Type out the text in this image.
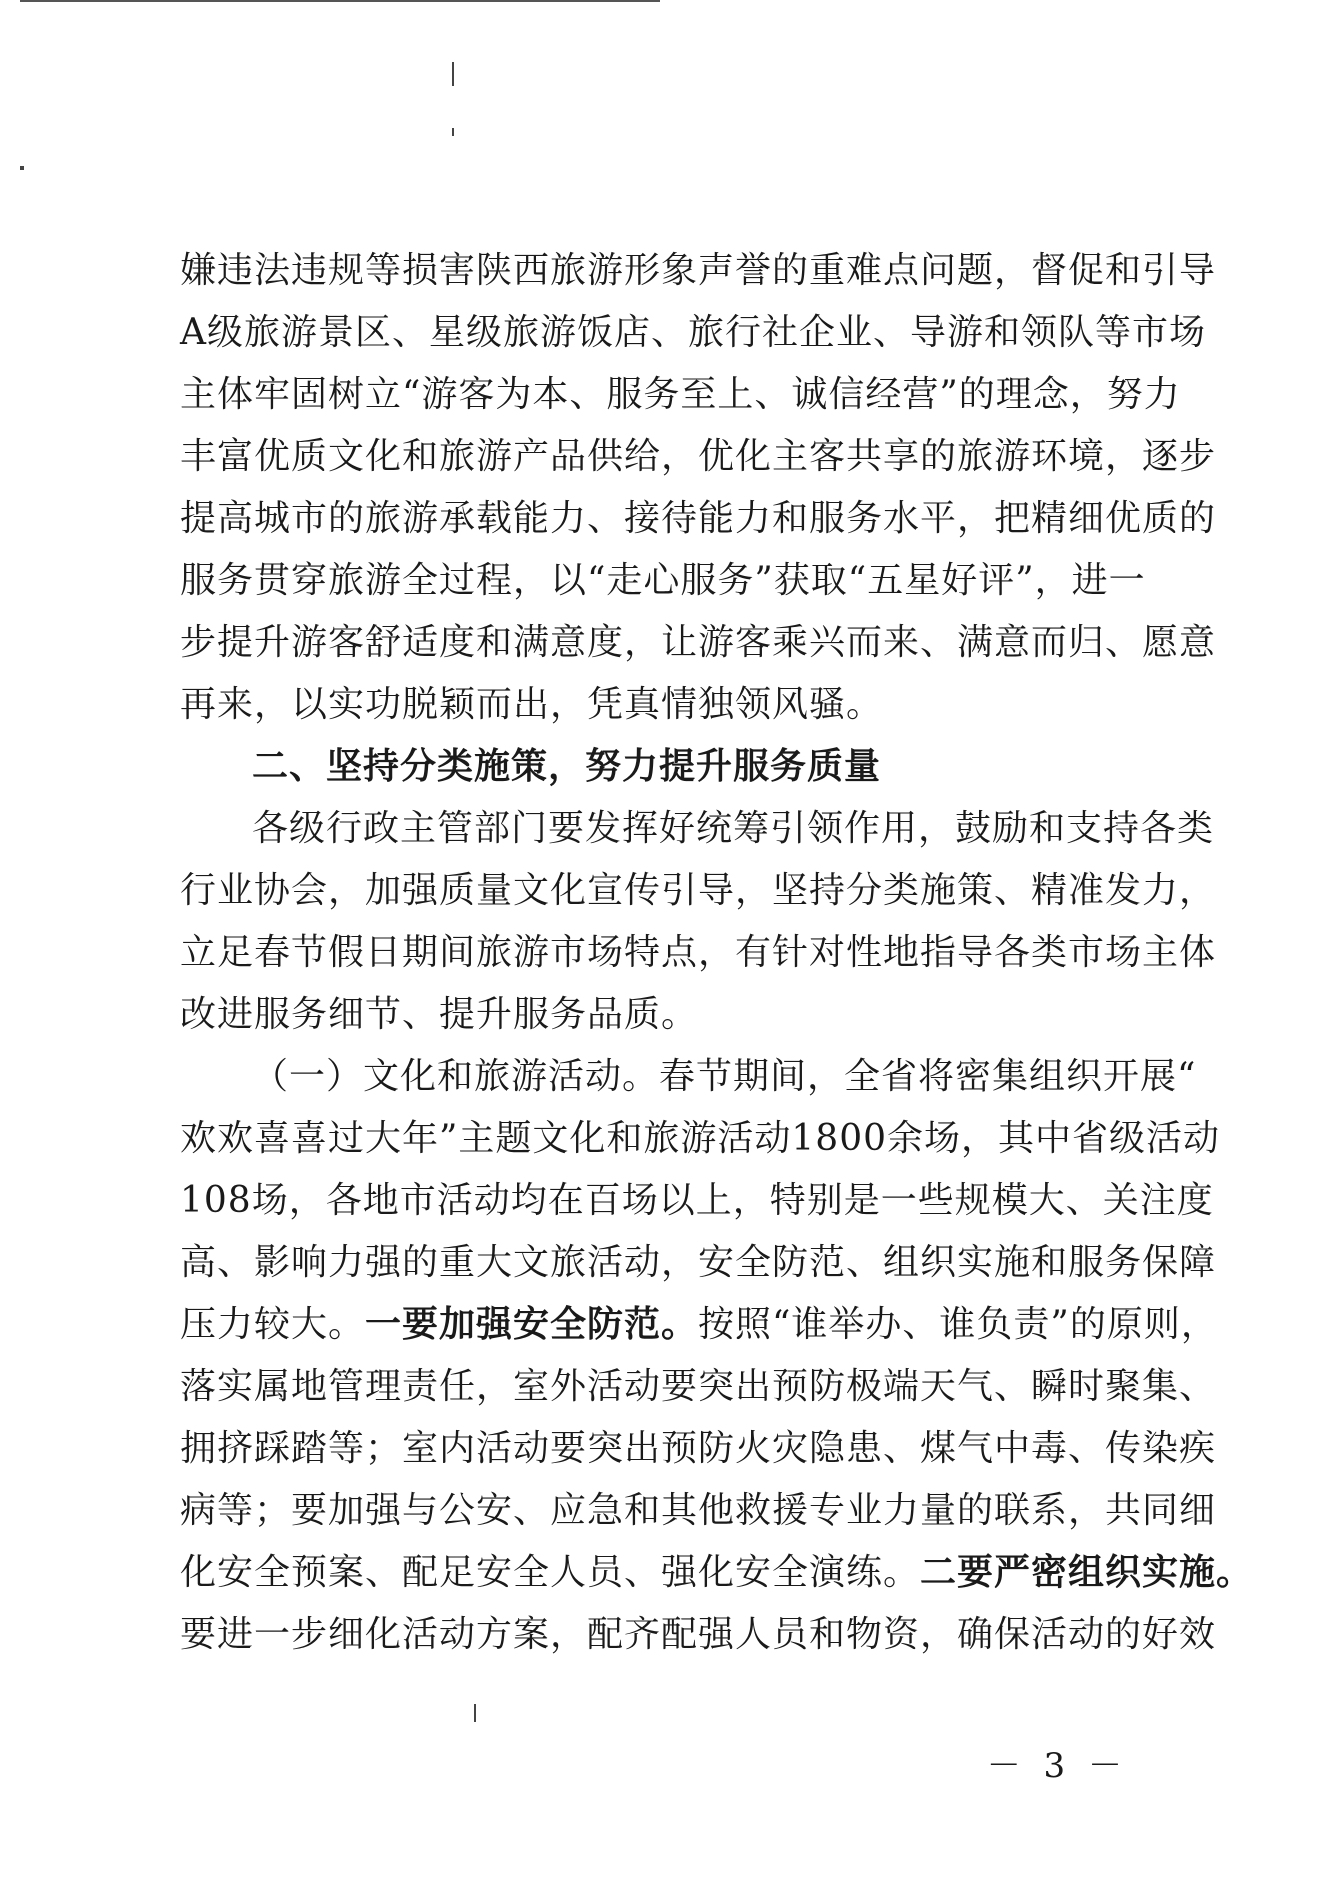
嫌违法违规等损害陕西旅游形象声誉的重难点问题，督促和引导
A级旅游景区、星级旅游饭店、旅行社企业、导游和领队等市场
主体牢固树立“游客为本、服务至上、诚信经营”的理念，努力
丰富优质文化和旅游产品供给，优化主客共享的旅游环境，逐步
提高城市的旅游承载能力、接待能力和服务水平，把精细优质的
服务贯穿旅游全过程，以“走心服务”获取“五星好评”，进一
步提升游客舒适度和满意度，让游客乘兴而来、满意而归、愿意
再来，以实功脱颖而出，凭真情独领风骚。
二、坚持分类施策，努力提升服务质量
各级行政主管部门要发挥好统筹引领作用，鼓励和支持各类
行业协会，加强质量文化宣传引导，坚持分类施策、精准发力，
立足春节假日期间旅游市场特点，有针对性地指导各类市场主体
改进服务细节、提升服务品质。
（一）文化和旅游活动。春节期间，全省将密集组织开展“
欢欢喜喜过大年”主题文化和旅游活动1800余场，其中省级活动
108场，各地市活动均在百场以上，特别是一些规模大、关注度
高、影响力强的重大文旅活动，安全防范、组织实施和服务保障
压力较大。一要加强安全防范。按照“谁举办、谁负责”的原则，
落实属地管理责任，室外活动要突出预防极端天气、瞬时聚集、
拥挤踩踏等；室内活动要突出预防火灾隐患、煤气中毒、传染疾
病等；要加强与公安、应急和其他救援专业力量的联系，共同细
化安全预案、配足安全人员、强化安全演练。二要严密组织实施。
要进一步细化活动方案，配齐配强人员和物资，确保活动的好效
－ 3 －
